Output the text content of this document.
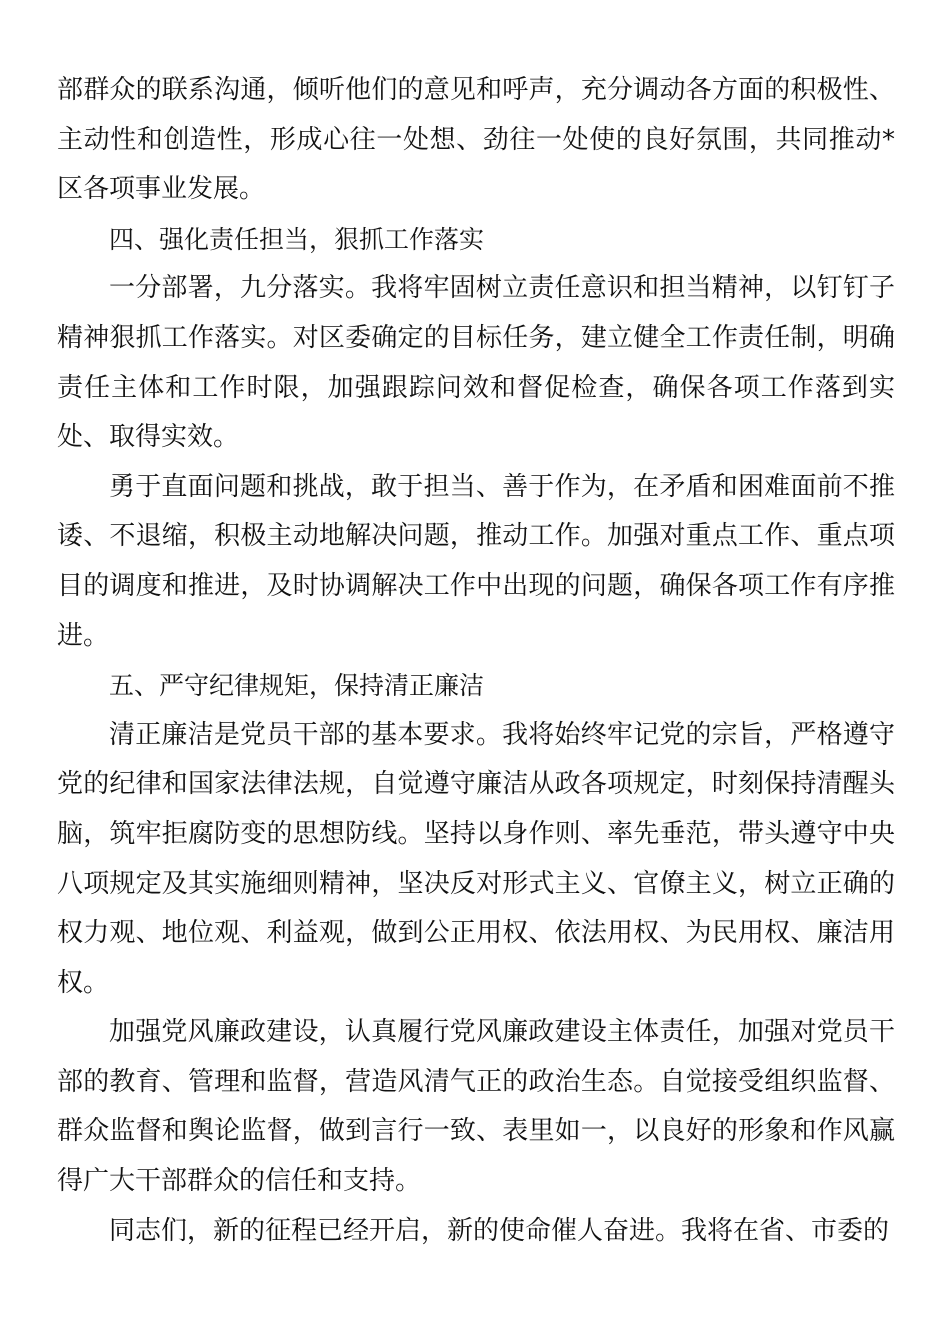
部群众的联系沟通，倾听他们的意见和呼声，充分调动各方面的积极性、主动性和创造性，形成心往一处想、劲往一处使的良好氛围，共同推动*区各项事业发展。

四、强化责任担当，狠抓工作落实

一分部署，九分落实。我将牢固树立责任意识和担当精神，以钉钉子精神狠抓工作落实。对区委确定的目标任务，建立健全工作责任制，明确责任主体和工作时限，加强跟踪问效和督促检查，确保各项工作落到实处、取得实效。

勇于直面问题和挑战，敢于担当、善于作为，在矛盾和困难面前不推诿、不退缩，积极主动地解决问题，推动工作。加强对重点工作、重点项目的调度和推进，及时协调解决工作中出现的问题，确保各项工作有序推进。

五、严守纪律规矩，保持清正廉洁

清正廉洁是党员干部的基本要求。我将始终牢记党的宗旨，严格遵守党的纪律和国家法律法规，自觉遵守廉洁从政各项规定，时刻保持清醒头脑，筑牢拒腐防变的思想防线。坚持以身作则、率先垂范，带头遵守中央八项规定及其实施细则精神，坚决反对形式主义、官僚主义，树立正确的权力观、地位观、利益观，做到公正用权、依法用权、为民用权、廉洁用权。

加强党风廉政建设，认真履行党风廉政建设主体责任，加强对党员干部的教育、管理和监督，营造风清气正的政治生态。自觉接受组织监督、群众监督和舆论监督，做到言行一致、表里如一，以良好的形象和作风赢得广大干部群众的信任和支持。

同志们，新的征程已经开启，新的使命催人奋进。我将在省、市委的
